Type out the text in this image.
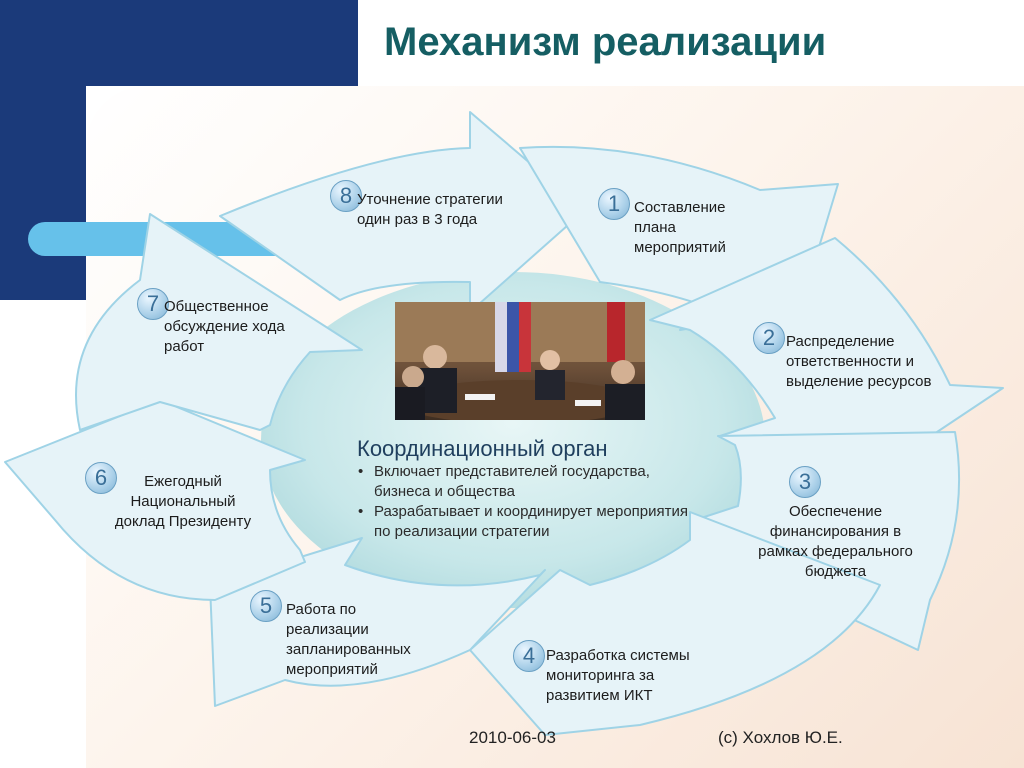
Механизм реализации
Координационный орган
• Включает представителей государства, бизнеса и общества
• Разрабатывает и координирует мероприятия по реализации стратегии
1
2
3
4
5
6
7
8	Составление плана мероприятий
Распределение ответственности и выделение ресурсов
Обеспечение финансирования в рамках федерального бюджета
Разработка системы мониторинга за развитием ИКТ
Работа по реализации запланированных мероприятий
Ежегодный Национальный доклад Президенту
Общественное обсуждение хода работ
Уточнение стратегии один раз в 3 года
2010-06-03	(c) Хохлов Ю.Е.
